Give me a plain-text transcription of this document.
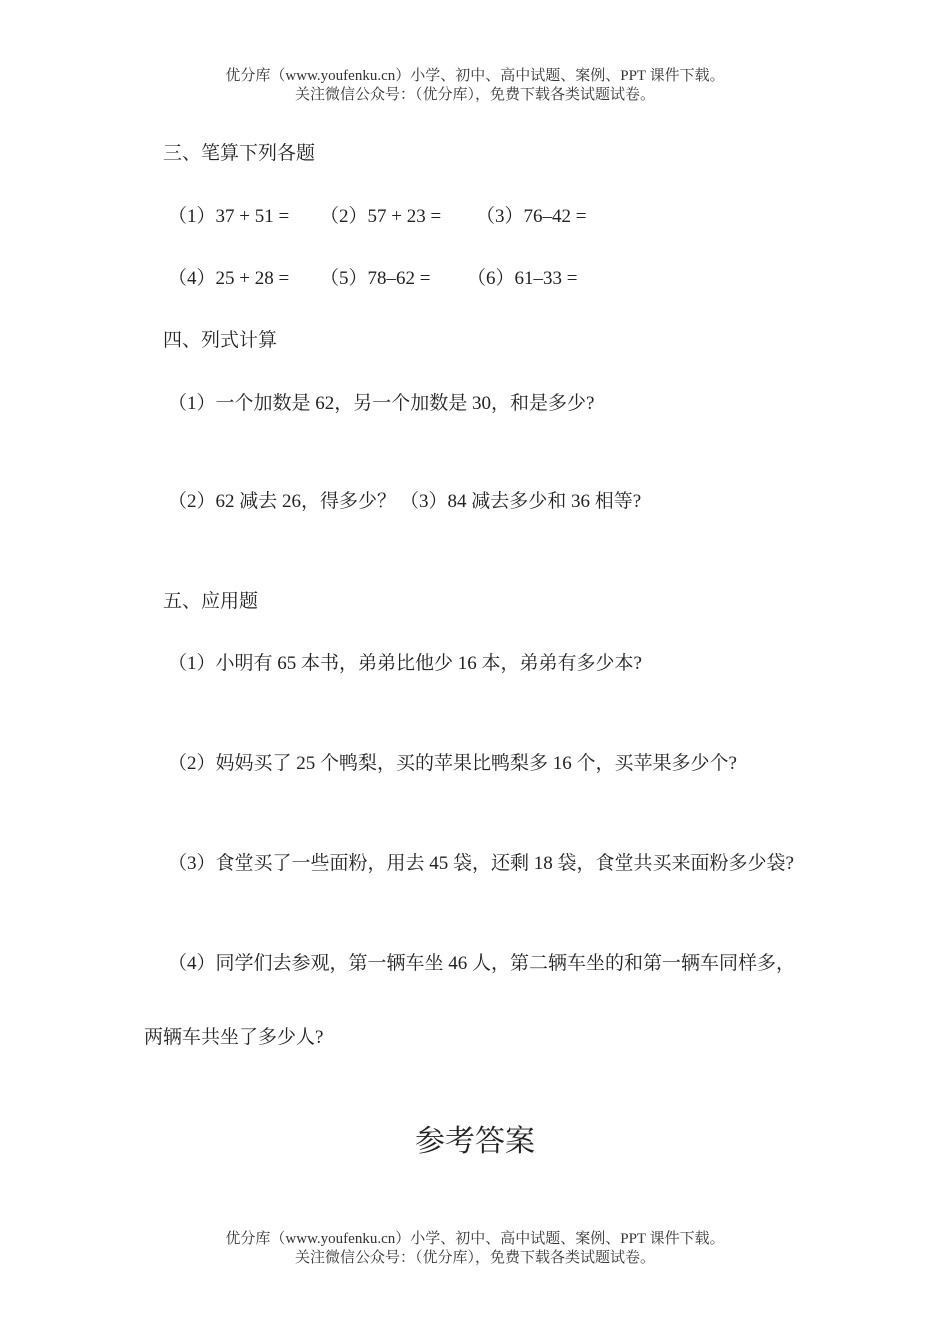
优分库（www.youfenku.cn）小学、初中、高中试题、案例、PPT 课件下载。
关注微信公众号：（优分库），免费下载各类试题试卷。
三、笔算下列各题
（1）37 + 51 = （2）57 + 23 = （3）76–42 =
（4）25 + 28 = （5）78–62 = （6）61–33 =
四、列式计算
（1）一个加数是 62，另一个加数是 30，和是多少?
（2）62 减去 26，得多少？ （3）84 减去多少和 36 相等?
五、应用题
（1）小明有 65 本书，弟弟比他少 16 本，弟弟有多少本?
（2）妈妈买了 25 个鸭梨，买的苹果比鸭梨多 16 个，买苹果多少个?
（3）食堂买了一些面粉，用去 45 袋，还剩 18 袋，食堂共买来面粉多少袋?
（4）同学们去参观，第一辆车坐 46 人，第二辆车坐的和第一辆车同样多，
两辆车共坐了多少人?
参考答案
优分库（www.youfenku.cn）小学、初中、高中试题、案例、PPT 课件下载。
关注微信公众号：（优分库），免费下载各类试题试卷。
